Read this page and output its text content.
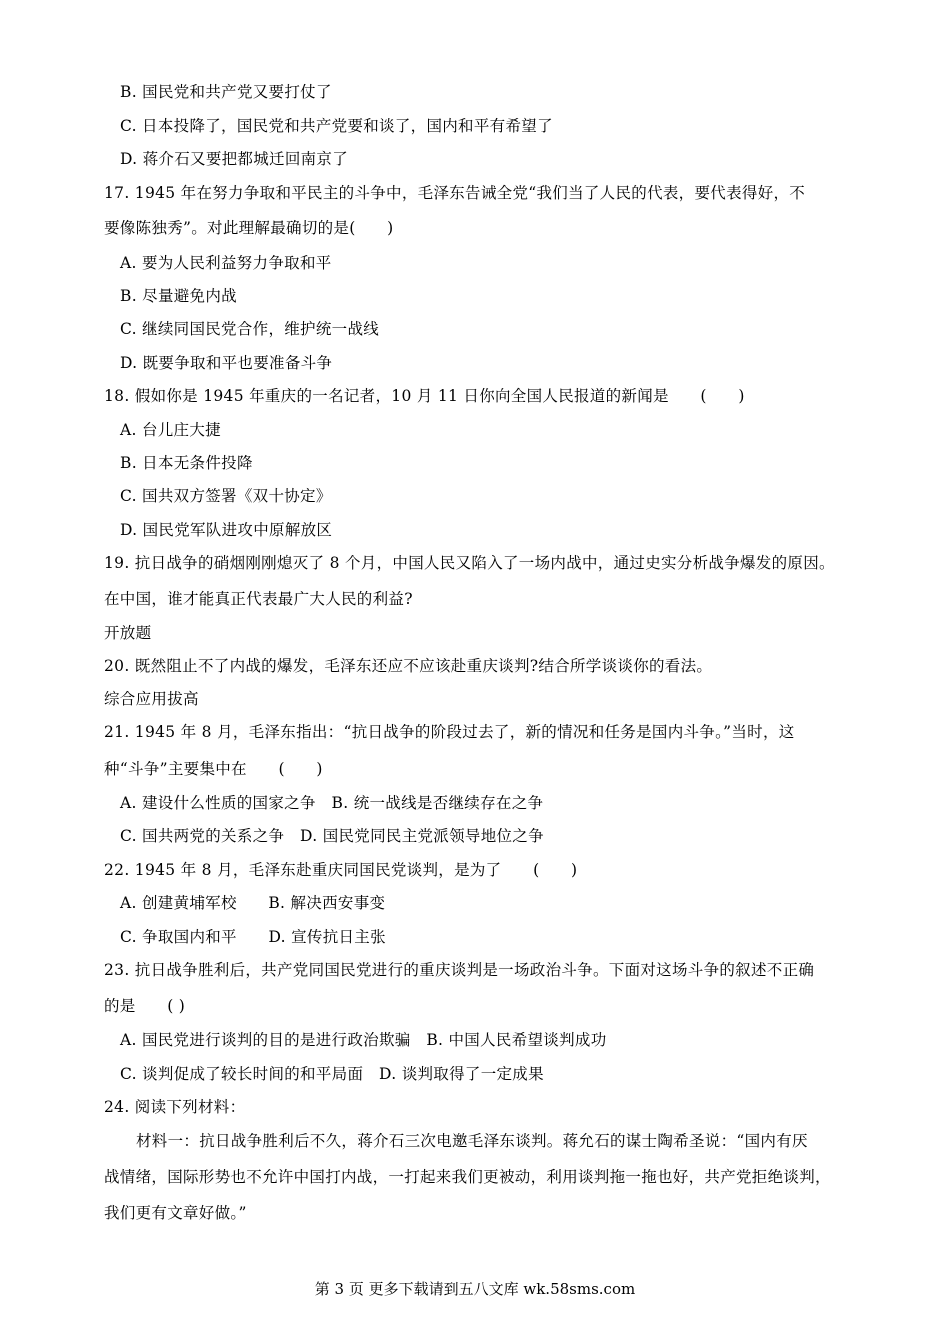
B. 国民党和共产党又要打仗了
C. 日本投降了，国民党和共产党要和谈了，国内和平有希望了
D. 蒋介石又要把都城迁回南京了
17. 1945 年在努力争取和平民主的斗争中，毛泽东告诫全党“我们当了人民的代表，要代表得好，不
要像陈独秀”。对此理解最确切的是(　　)
A. 要为人民利益努力争取和平
B. 尽量避免内战
C. 继续同国民党合作，维护统一战线
D. 既要争取和平也要准备斗争
18. 假如你是 1945 年重庆的一名记者，10 月 11 日你向全国人民报道的新闻是　　(　　)
A. 台儿庄大捷
B. 日本无条件投降
C. 国共双方签署《双十协定》
D. 国民党军队进攻中原解放区
19. 抗日战争的硝烟刚刚熄灭了 8 个月，中国人民又陷入了一场内战中，通过史实分析战争爆发的原因。
在中国，谁才能真正代表最广大人民的利益?
开放题
20. 既然阻止不了内战的爆发，毛泽东还应不应该赴重庆谈判?结合所学谈谈你的看法。
综合应用拔高
21. 1945 年 8 月，毛泽东指出：“抗日战争的阶段过去了，新的情况和任务是国内斗争。”当时，这
种“斗争”主要集中在　　(　　)
A. 建设什么性质的国家之争　B. 统一战线是否继续存在之争
C. 国共两党的关系之争　D. 国民党同民主党派领导地位之争
22. 1945 年 8 月，毛泽东赴重庆同国民党谈判，是为了　　(　　)
A. 创建黄埔军校　　B. 解决西安事变
C. 争取国内和平　　D. 宣传抗日主张
23. 抗日战争胜利后，共产党同国民党进行的重庆谈判是一场政治斗争。下面对这场斗争的叙述不正确
的是　　( )
A. 国民党进行谈判的目的是进行政治欺骗　B. 中国人民希望谈判成功
C. 谈判促成了较长时间的和平局面　D. 谈判取得了一定成果
24. 阅读下列材料：
材料一：抗日战争胜利后不久，蒋介石三次电邀毛泽东谈判。蒋允石的谋士陶希圣说：“国内有厌
战情绪，国际形势也不允许中国打内战，一打起来我们更被动，利用谈判拖一拖也好，共产党拒绝谈判，
我们更有文章好做。”
第 3 页 更多下载请到五八文库 wk.58sms.com
